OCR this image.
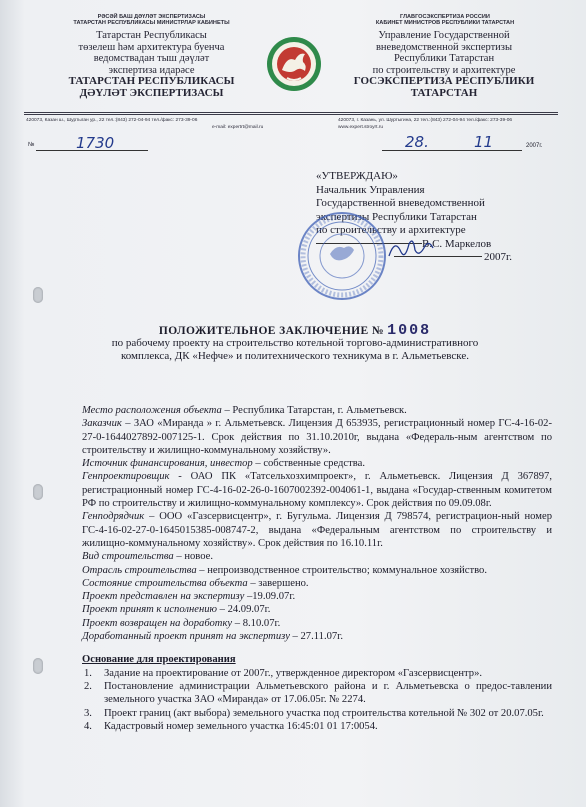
РӘСӘЙ БАШ ДӘҮЛӘТ ЭКСПЕРТИЗАСЫ
ТАТАРСТАН РЕСПУБЛИКАСЫ МИНИСТРЛАР КАБИНЕТЫ
ГЛАВГОСЭКСПЕРТИЗА РОССИИ
КАБИНЕТ МИНИСТРОВ РЕСПУБЛИКИ ТАТАРСТАН
Татарстан Республикасы
төзелеш һәм архитектура буенча
ведомствадан тыш дәүләт
экспертиза идарәсе
ТАТАРСТАН РЕСПУБЛИКАСЫ
ДӘҮЛӘТ ЭКСПЕРТИЗАСЫ
Управление Государственной
вневедомственной экспертизы
Республики Татарстан
по строительству и архитектуре
ГОСЭКСПЕРТИЗА РЕСПУБЛИКИ
ТАТАРСТАН
420073, Казан ш., Шуртыган ур., 22 тел.:(843) 272-04-94 тел./факс: 273-39-06	420073, г. Казань, ул. Шуртыгина, 22 тел.:(843) 272-04-94 тел./факс: 273-39-06
e-mail: expertrt@mail.ru	www.expert.stroyrt.ru
№	1730	28.	11	2007г.
«УТВЕРЖДАЮ»
Начальник Управления
Государственной вневедомственной
экспертизы Республики Татарстан
по строительству и архитектуре
В.С. Маркелов
2007г.
ПОЛОЖИТЕЛЬНОЕ ЗАКЛЮЧЕНИЕ № 1008
по рабочему проекту на строительство котельной торгово-административного
комплекса, ДК «Нефче» и политехнического техникума в г. Альметьевске.

Место расположения объекта – Республика Татарстан, г. Альметьевск.

Заказчик – ЗАО «Миранда » г. Альметьевск. Лицензия Д 653935, регистрационный номер ГС-4-16-02-27-0-1644027892-007125-1. Срок действия по 31.10.2010г, выдана «Федераль-ным агентством по строительству и жилищно-коммунальному хозяйству».

Источник финансирования, инвестор – собственные средства.

Генпроектировщик - ОАО ПК «Татсельхозхимпроект», г. Альметьевск. Лицензия Д 367897, регистрационный номер ГС-4-16-02-26-0-1607002392-004061-1, выдана «Государ-ственным комитетом РФ по строительству и жилищно-коммунальному комплексу». Срок действия по 09.09.08г.

Генподрядчик – ООО «Газсервисцентр», г. Бугульма. Лицензия Д 798574, регистрацион-ный номер ГС-4-16-02-27-0-1645015385-008747-2, выдана «Федеральным агентством по строительству и жилищно-коммунальному хозяйству». Срок действия по 16.10.11г.

Вид строительства – новое.

Отрасль строительства – непроизводственное строительство; коммунальное хозяйство.

Состояние строительства объекта – завершено.

Проект представлен на экспертизу –19.09.07г.

Проект принят к исполнению – 24.09.07г.

Проект возвращен на доработку – 8.10.07г.

Доработанный проект принят на экспертизу – 27.11.07г.

Основание для проектирования

1. Задание на проектирование от 2007г., утвержденное директором «Газсервисцентр».
2. Постановление администрации Альметьевского района и г. Альметьевска о предос-тавлении земельного участка ЗАО «Миранда» от 17.06.05г. № 2274.
3. Проект границ (акт выбора) земельного участка под строительства котельной № 302 от 20.07.05г.
4. Кадастровый номер земельного участка 16:45:01 01 17:0054.
